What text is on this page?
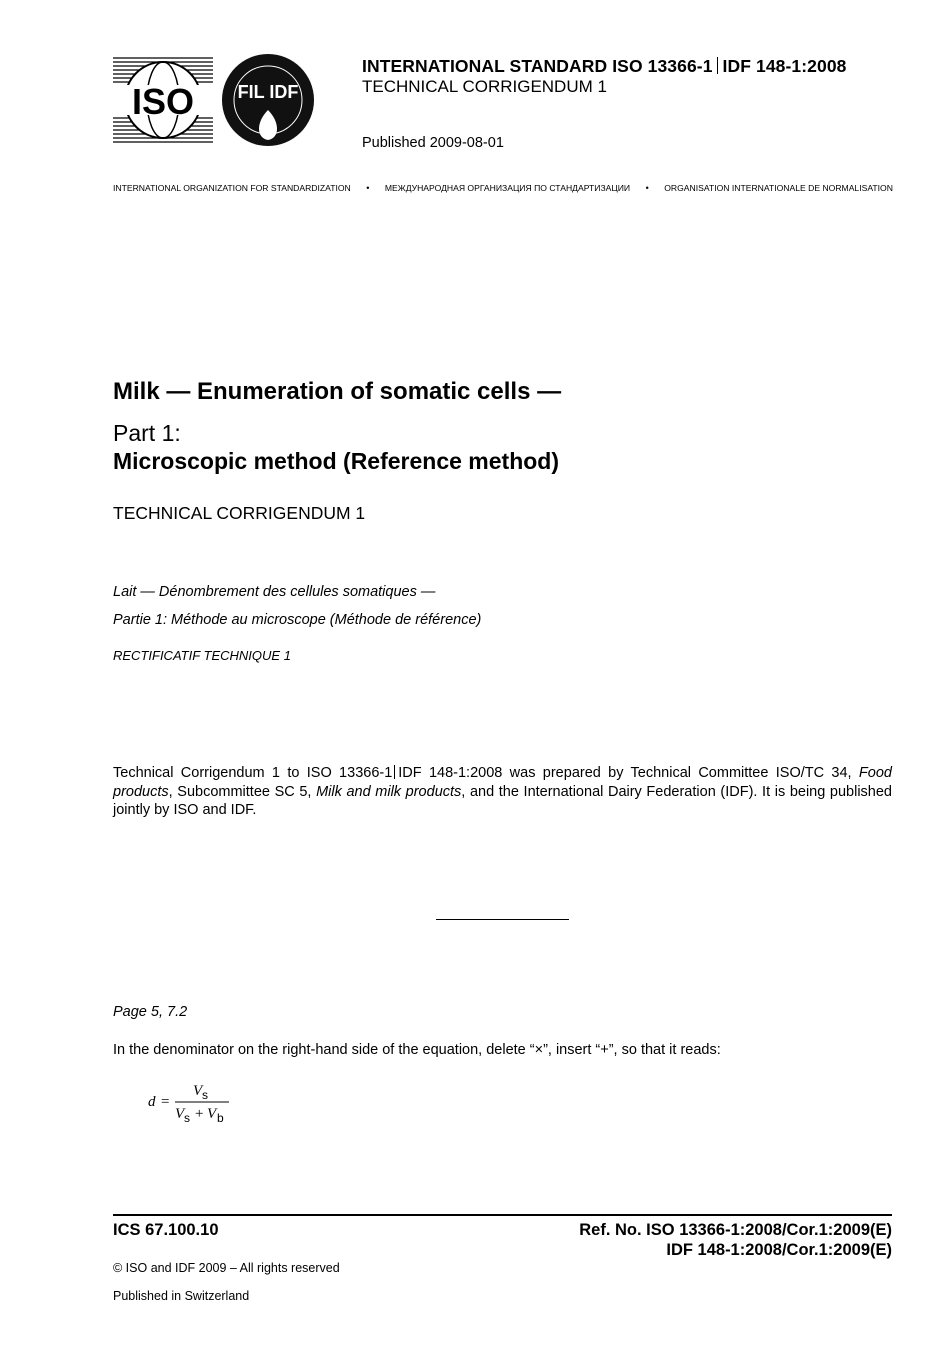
ISO FIL IDF
INTERNATIONAL STANDARD ISO 13366-1 IDF 148-1:2008
TECHNICAL CORRIGENDUM 1
Published 2009-08-01
INTERNATIONAL ORGANIZATION FOR STANDARDIZATION • МЕЖДУНАРОДНАЯ ОРГАНИЗАЦИЯ ПО СТАНДАРТИЗАЦИИ • ORGANISATION INTERNATIONALE DE NORMALISATION
Milk — Enumeration of somatic cells —
Part 1:
Microscopic method (Reference method)
TECHNICAL CORRIGENDUM 1
Lait — Dénombrement des cellules somatiques —
Partie 1: Méthode au microscope (Méthode de référence)
RECTIFICATIF TECHNIQUE 1
Technical Corrigendum 1 to ISO 13366-1 IDF 148-1:2008 was prepared by Technical Committee ISO/TC 34, Food products, Subcommittee SC 5, Milk and milk products, and the International Dairy Federation (IDF). It is being published jointly by ISO and IDF.
Page 5, 7.2
In the denominator on the right-hand side of the equation, delete “×”, insert “+”, so that it reads:
d =
V s
V s + V b
ICS 67.100.10	Ref. No. ISO 13366-1:2008/Cor.1:2009(E)
IDF 148-1:2008/Cor.1:2009(E)
© ISO and IDF 2009 – All rights reserved
Published in Switzerland
